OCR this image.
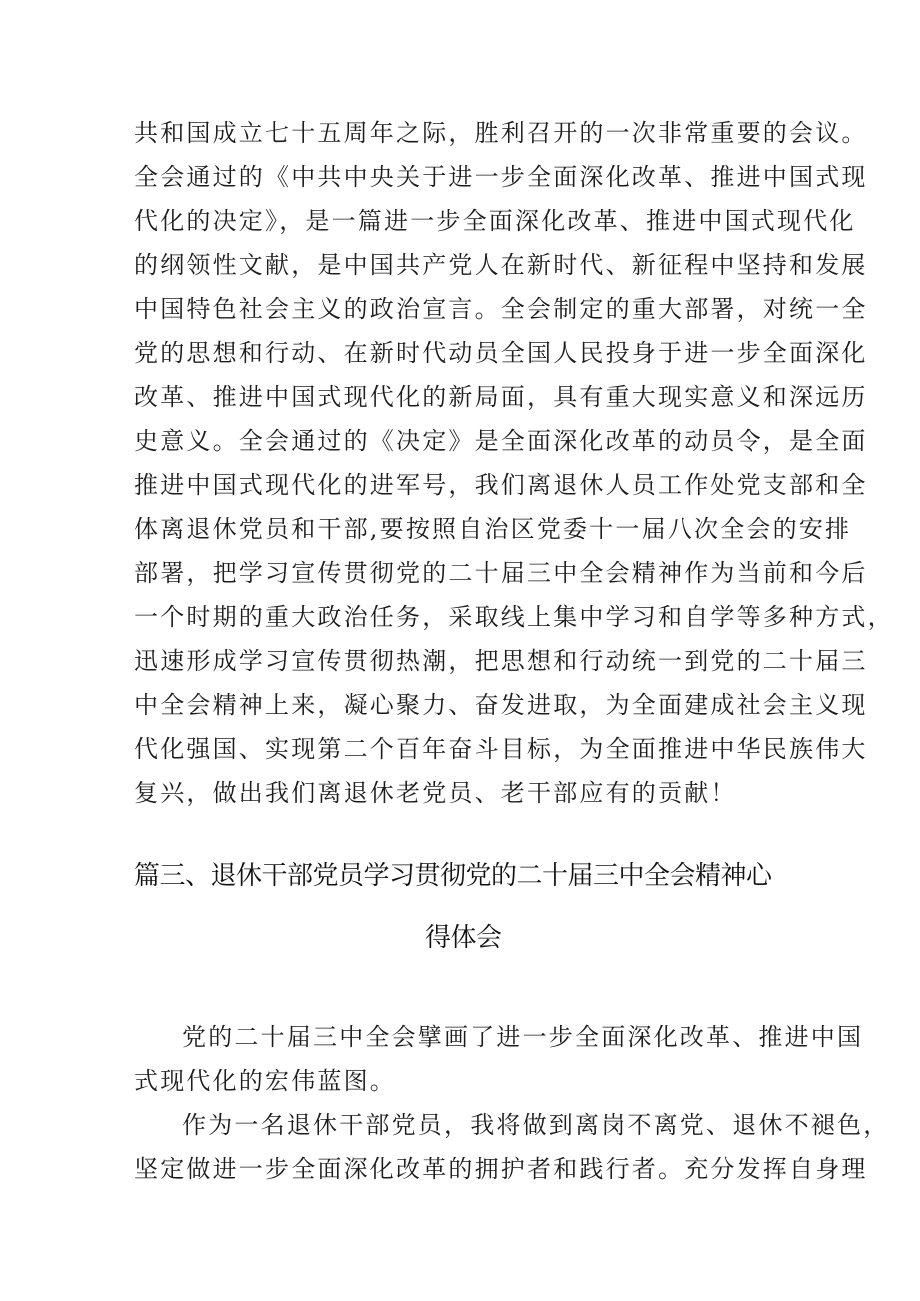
共和国成立七十五周年之际，胜利召开的一次非常重要的会议。
全会通过的《中共中央关于进一步全面深化改革、推进中国式现
代化的决定》，是一篇进一步全面深化改革、推进中国式现代化
的纲领性文献，是中国共产党人在新时代、新征程中坚持和发展
中国特色社会主义的政治宣言。全会制定的重大部署，对统一全
党的思想和行动、在新时代动员全国人民投身于进一步全面深化
改革、推进中国式现代化的新局面，具有重大现实意义和深远历
史意义。全会通过的《决定》是全面深化改革的动员令，是全面
推进中国式现代化的进军号，我们离退休人员工作处党支部和全
体离退休党员和干部,要按照自治区党委十一届八次全会的安排
部署，把学习宣传贯彻党的二十届三中全会精神作为当前和今后
一个时期的重大政治任务，采取线上集中学习和自学等多种方式，
迅速形成学习宣传贯彻热潮，把思想和行动统一到党的二十届三
中全会精神上来，凝心聚力、奋发进取，为全面建成社会主义现
代化强国、实现第二个百年奋斗目标，为全面推进中华民族伟大
复兴，做出我们离退休老党员、老干部应有的贡献！
篇三、退休干部党员学习贯彻党的二十届三中全会精神心
得体会
党的二十届三中全会擘画了进一步全面深化改革、推进中国
式现代化的宏伟蓝图。
作为一名退休干部党员，我将做到离岗不离党、退休不褪色，
坚定做进一步全面深化改革的拥护者和践行者。充分发挥自身理
